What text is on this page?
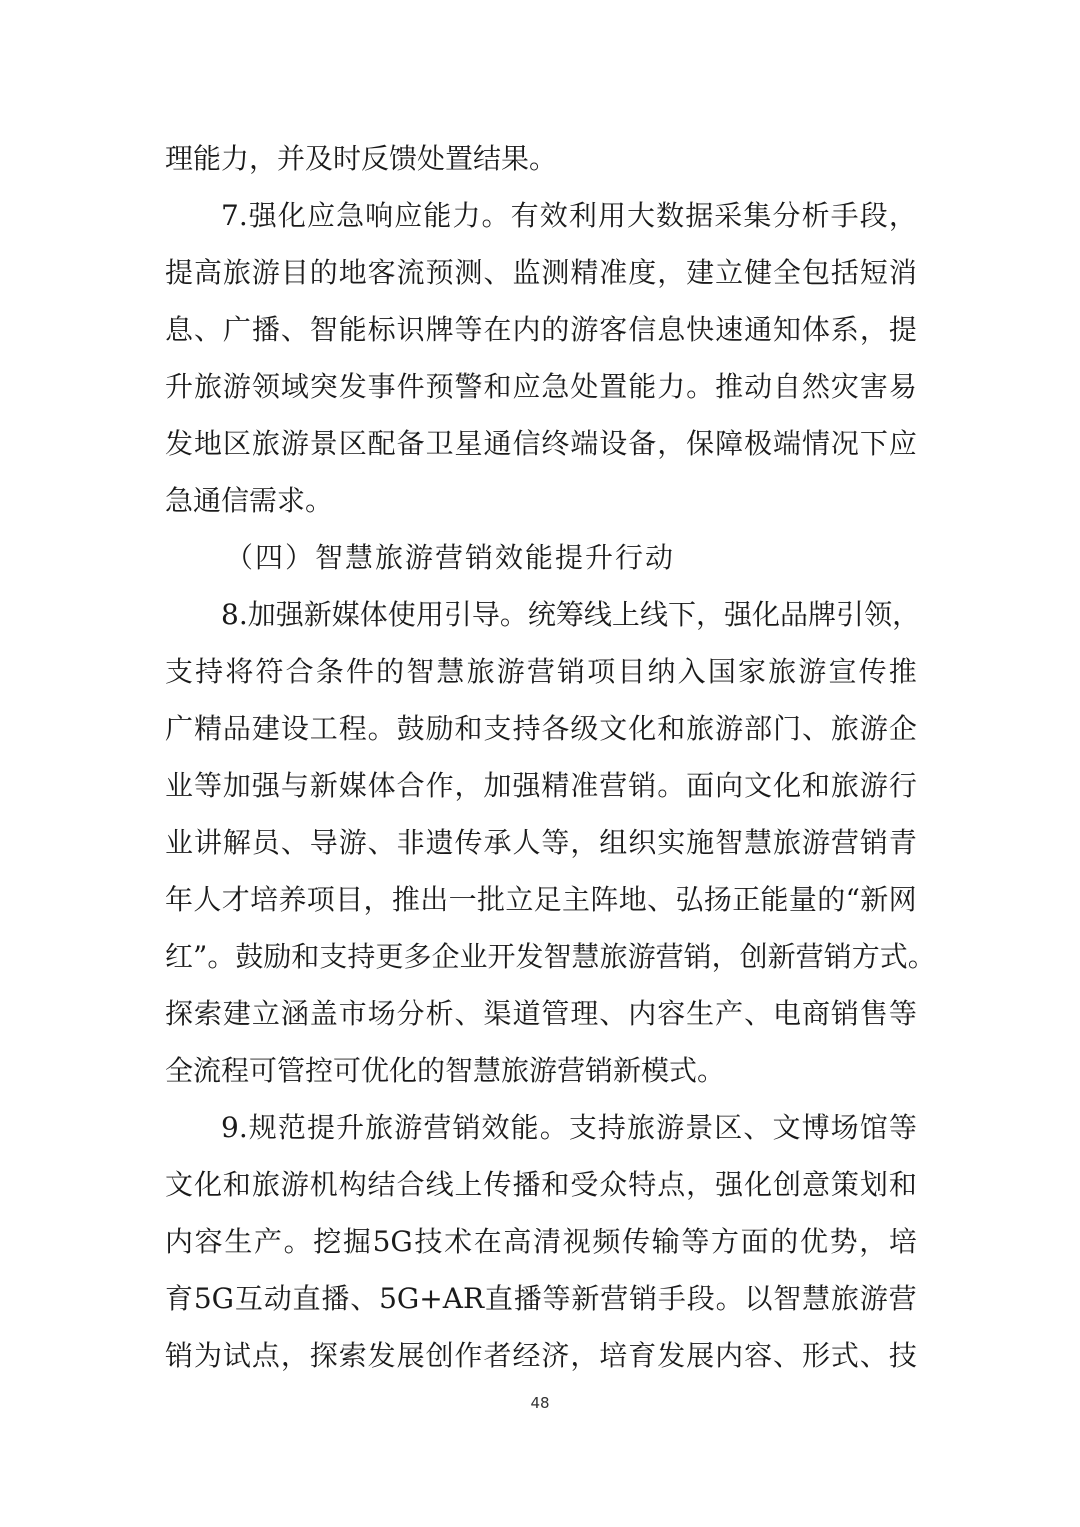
理能力，并及时反馈处置结果。
7. 强 化 应 急 响 应 能 力 。 有 效 利 用 大 数 据 采 集 分 析 手 段 ，
提 高 旅 游 目 的 地 客 流 预 测 、 监 测 精 准 度 ， 建 立 健 全 包 括 短 消
息 、 广 播 、 智 能 标 识 牌 等 在 内 的 游 客 信 息 快 速 通 知 体 系 ， 提
升 旅 游 领 域 突 发 事 件 预 警 和 应 急 处 置 能 力 。 推 动 自 然 灾 害 易
发 地 区 旅 游 景 区 配 备 卫 星 通 信 终 端 设 备 ， 保 障 极 端 情 况 下 应
急通信需求。
（四）智慧旅游营销效能提升行动
8. 加 强 新 媒 体 使 用 引 导 。 统 筹 线 上 线 下 ， 强 化 品 牌 引 领 ，
支 持 将 符 合 条 件 的 智 慧 旅 游 营 销 项 目 纳 入 国 家 旅 游 宣 传 推
广 精 品 建 设 工 程 。 鼓 励 和 支 持 各 级 文 化 和 旅 游 部 门 、 旅 游 企
业 等 加 强 与 新 媒 体 合 作 ， 加 强 精 准 营 销 。 面 向 文 化 和 旅 游 行
业 讲 解 员 、 导 游 、 非 遗 传 承 人 等 ， 组 织 实 施 智 慧 旅 游 营 销 青
年 人 才 培 养 项 目 ， 推 出 一 批 立 足 主 阵 地 、 弘 扬 正 能 量 的 “ 新 网
红 ” 。 鼓 励 和 支 持 更 多 企 业 开 发 智 慧 旅 游 营 销 ， 创 新 营 销 方 式 。
探 索 建 立 涵 盖 市 场 分 析 、 渠 道 管 理 、 内 容 生 产 、 电 商 销 售 等
全流程可管控可优化的智慧旅游营销新模式。
9. 规 范 提 升 旅 游 营 销 效 能 。 支 持 旅 游 景 区 、 文 博 场 馆 等
文 化 和 旅 游 机 构 结 合 线 上 传 播 和 受 众 特 点 ， 强 化 创 意 策 划 和
内 容 生 产 。 挖 掘 5G 技 术 在 高 清 视 频 传 输 等 方 面 的 优 势 ， 培
育 5G 互 动 直 播 、 5G+AR 直 播 等 新 营 销 手 段 。 以 智 慧 旅 游 营
销 为 试 点 ， 探 索 发 展 创 作 者 经 济 ， 培 育 发 展 内 容 、 形 式 、 技
48
